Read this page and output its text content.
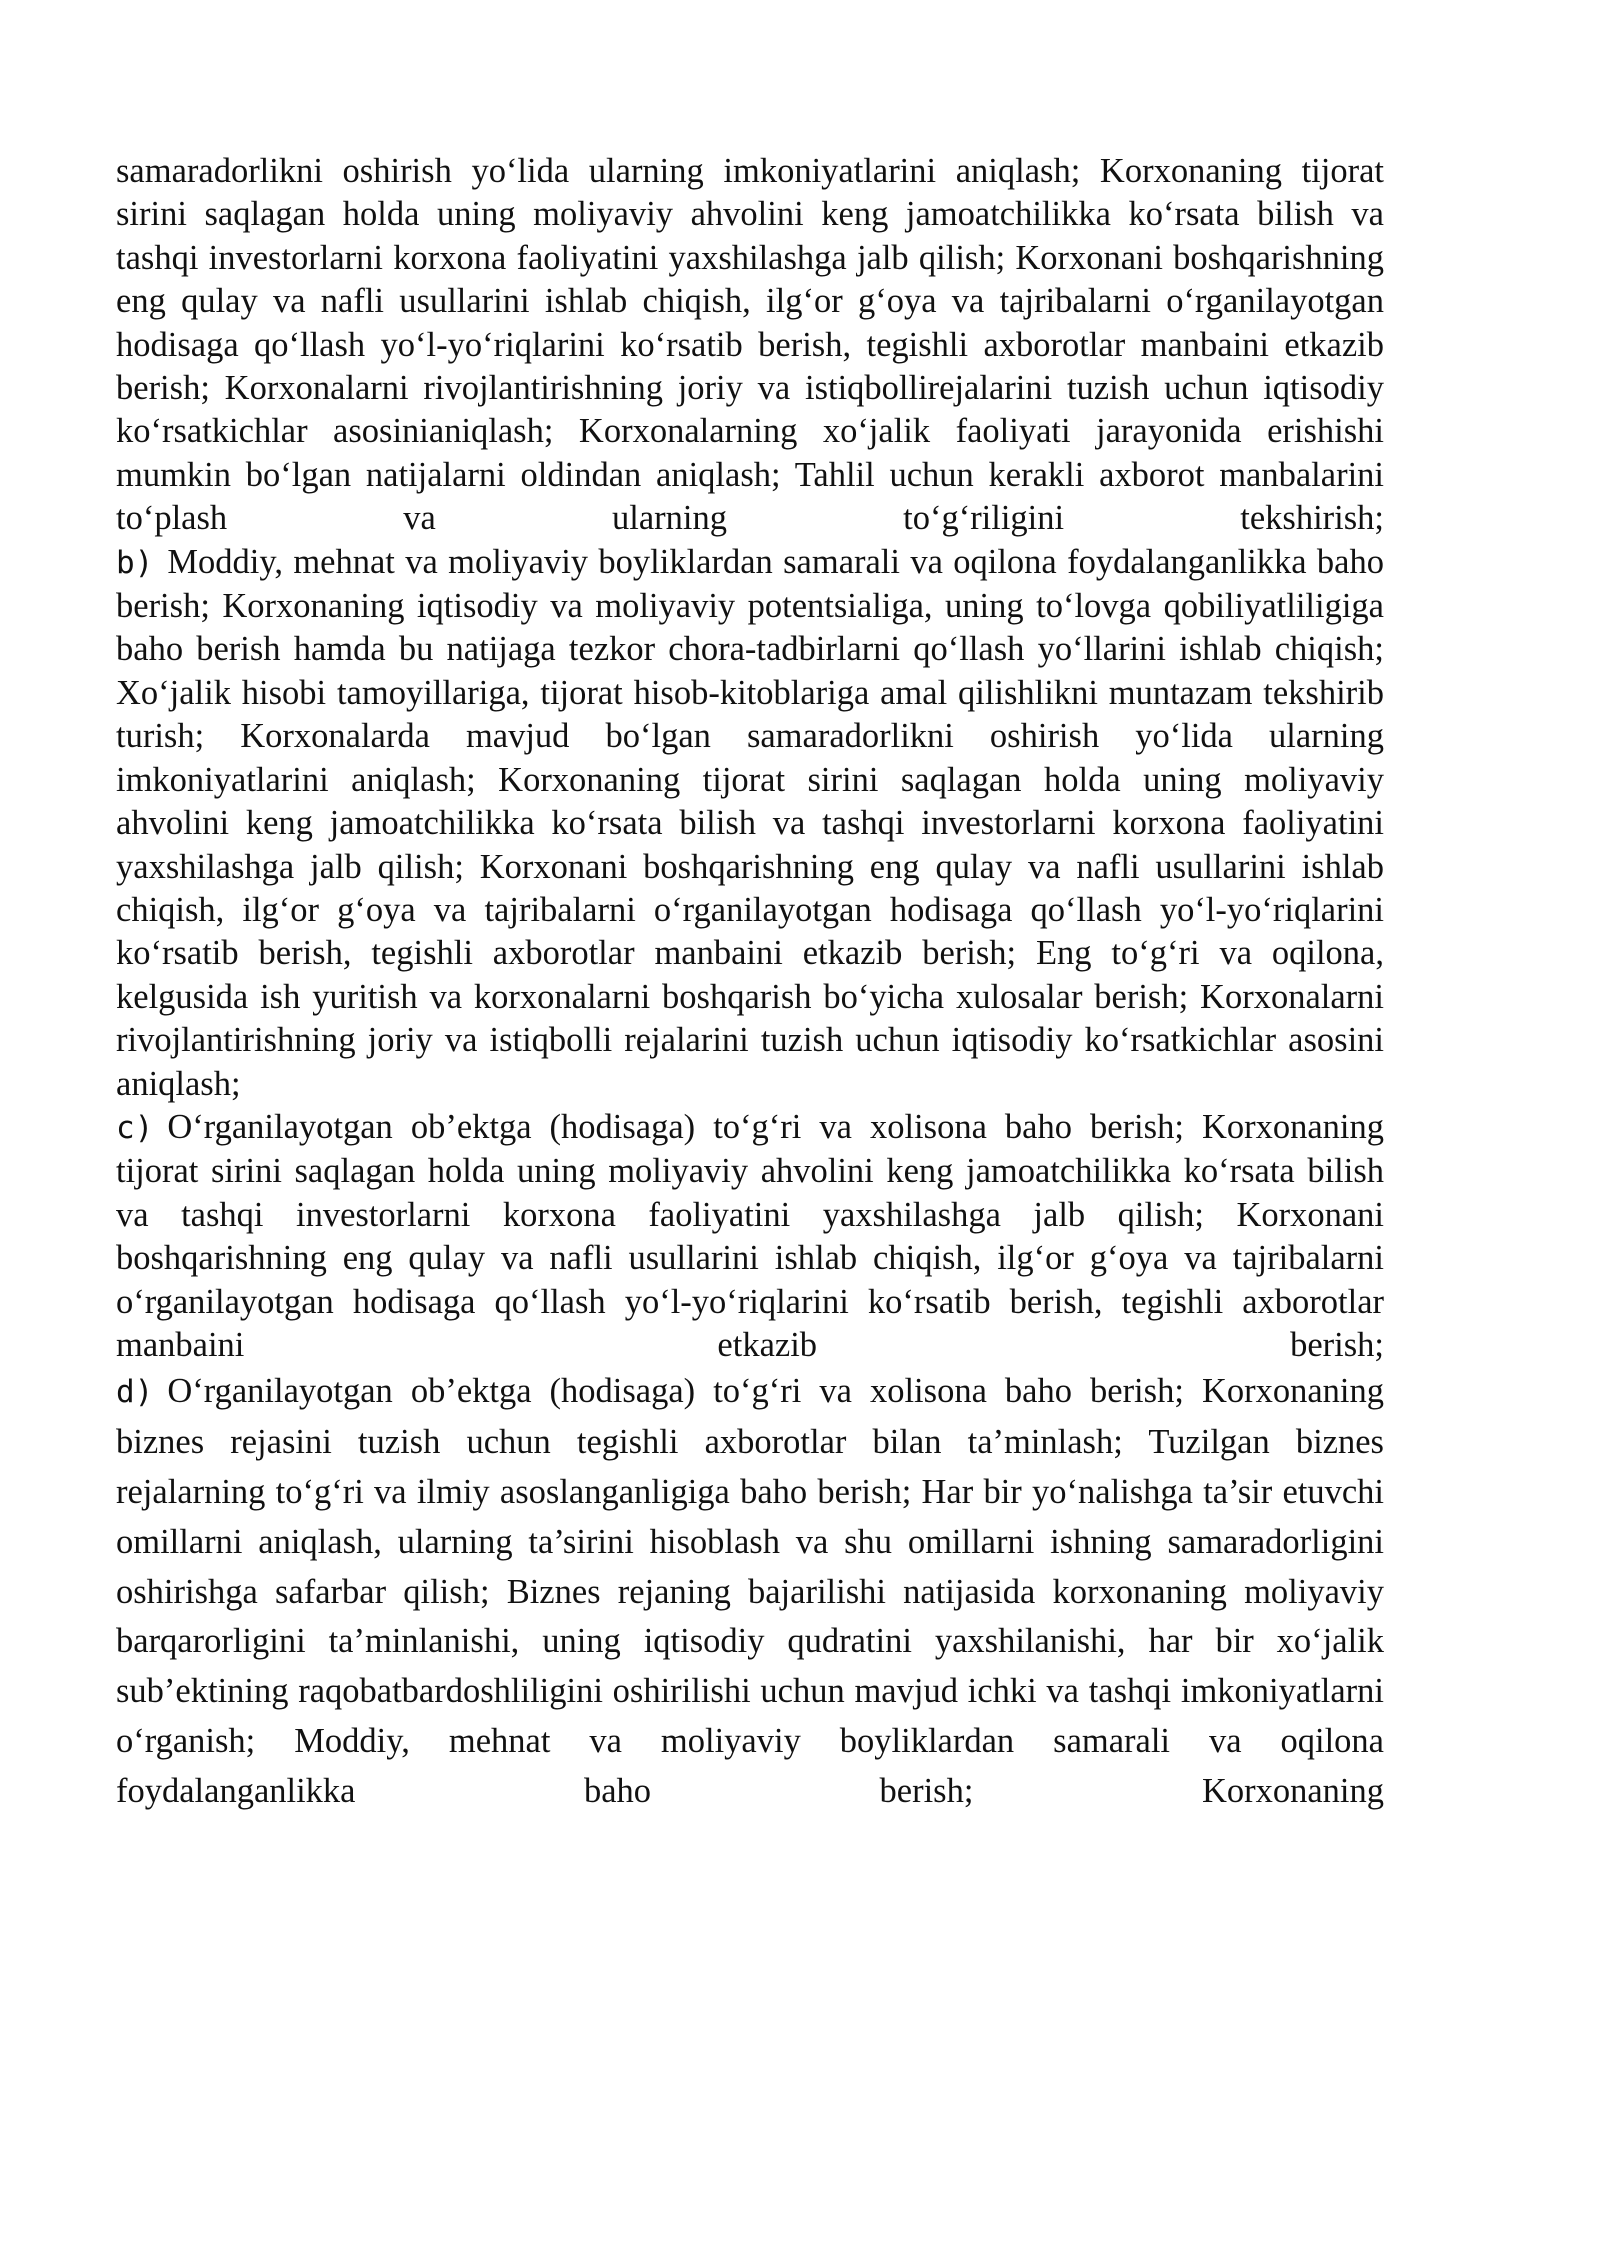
samaradorlikni oshirish yo‘lida ularning imkoniyatlarini aniqlash; Korxonaning tijorat sirini saqlagan holda uning moliyaviy ahvolini keng jamoatchilikka ko‘rsata bilish va tashqi investorlarni korxona faoliyatini yaxshilashga jalb qilish; Korxonani boshqarishning eng qulay va nafli usullarini ishlab chiqish, ilg‘or g‘oya va tajribalarni o‘rganilayotgan hodisaga qo‘llash yo‘l-yo‘riqlarini ko‘rsatib berish, tegishli axborotlar manbaini etkazib berish; Korxonalarni rivojlantirishning joriy va istiqbollirejalarini tuzish uchun iqtisodiy ko‘rsatkichlar asosinianiqlash; Korxonalarning xo‘jalik faoliyati jarayonida erishishi mumkin bo‘lgan natijalarni oldindan aniqlash; Tahlil uchun kerakli axborot manbalarini to‘plash va ularning to‘g‘riligini tekshirish;

b) Moddiy, mehnat va moliyaviy boyliklardan samarali va oqilona foydalanganlikka baho berish; Korxonaning iqtisodiy va moliyaviy potentsialiga, uning to‘lovga qobiliyatliligiga baho berish hamda bu natijaga tezkor chora-tadbirlarni qo‘llash yo‘llarini ishlab chiqish; Xo‘jalik hisobi tamoyillariga, tijorat hisob-kitoblariga amal qilishlikni muntazam tekshirib turish; Korxonalarda mavjud bo‘lgan samaradorlikni oshirish yo‘lida ularning imkoniyatlarini aniqlash; Korxonaning tijorat sirini saqlagan holda uning moliyaviy ahvolini keng jamoatchilikka ko‘rsata bilish va tashqi investorlarni korxona faoliyatini yaxshilashga jalb qilish; Korxonani boshqarishning eng qulay va nafli usullarini ishlab chiqish, ilg‘or g‘oya va tajribalarni o‘rganilayotgan hodisaga qo‘llash yo‘l-yo‘riqlarini ko‘rsatib berish, tegishli axborotlar manbaini etkazib berish; Eng to‘g‘ri va oqilona, kelgusida ish yuritish va korxonalarni boshqarish bo‘yicha xulosalar berish; Korxonalarni rivojlantirishning joriy va istiqbolli rejalarini tuzish uchun iqtisodiy ko‘rsatkichlar asosini aniqlash;

c) O‘rganilayotgan ob’ektga (hodisaga) to‘g‘ri va xolisona baho berish; Korxonaning tijorat sirini saqlagan holda uning moliyaviy ahvolini keng jamoatchilikka ko‘rsata bilish va tashqi investorlarni korxona faoliyatini yaxshilashga jalb qilish; Korxonani boshqarishning eng qulay va nafli usullarini ishlab chiqish, ilg‘or g‘oya va tajribalarni o‘rganilayotgan hodisaga qo‘llash yo‘l-yo‘riqlarini ko‘rsatib berish, tegishli axborotlar manbaini etkazib berish;

d) O‘rganilayotgan ob’ektga (hodisaga) to‘g‘ri va xolisona baho berish; Korxonaning biznes rejasini tuzish uchun tegishli axborotlar bilan ta’minlash; Tuzilgan biznes rejalarning to‘g‘ri va ilmiy asoslanganligiga baho berish; Har bir yo‘nalishga ta’sir etuvchi omillarni aniqlash, ularning ta’sirini hisoblash va shu omillarni ishning samaradorligini oshirishga safarbar qilish; Biznes rejaning bajarilishi natijasida korxonaning moliyaviy barqarorligini ta’minlanishi, uning iqtisodiy qudratini yaxshilanishi, har bir xo‘jalik sub’ektining raqobatbardoshliligini oshirilishi uchun mavjud ichki va tashqi imkoniyatlarni o‘rganish; Moddiy, mehnat va moliyaviy boyliklardan samarali va oqilona foydalanganlikka baho berish; Korxonaning
